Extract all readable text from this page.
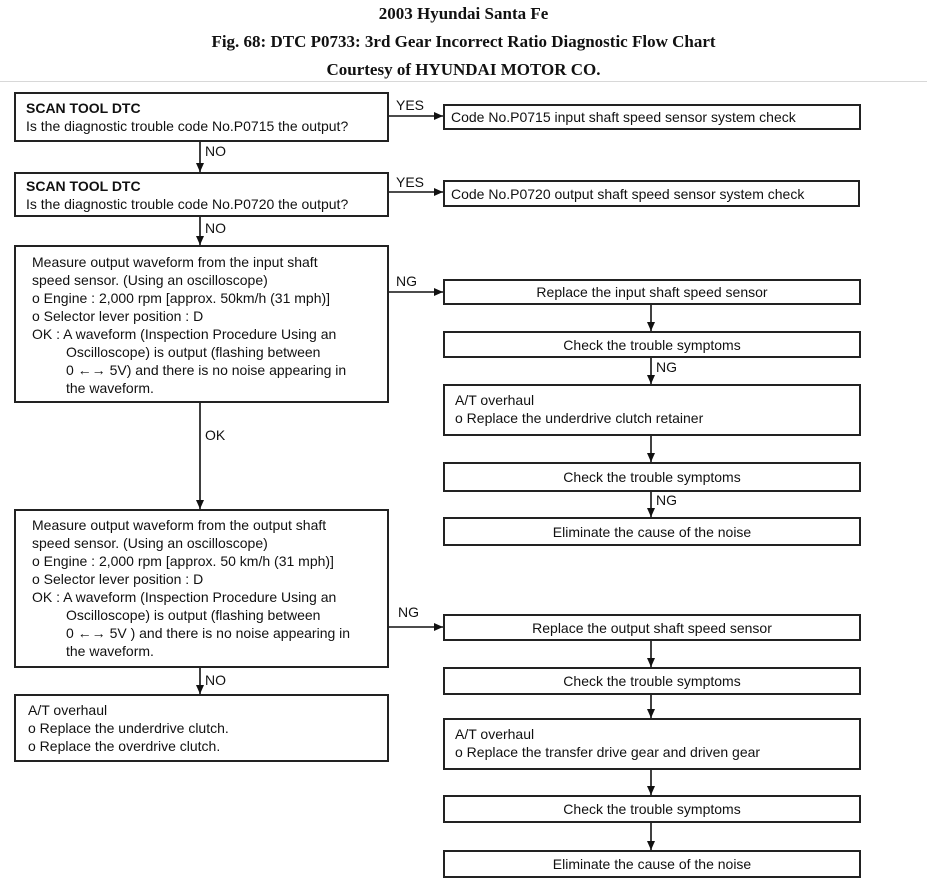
2003 Hyundai Santa Fe
Fig. 68: DTC P0733: 3rd Gear Incorrect Ratio Diagnostic Flow Chart
Courtesy of HYUNDAI MOTOR CO.
SCAN TOOL DTC
Is the diagnostic trouble code No.P0715 the output?
YES
NO
Code No.P0715 input shaft speed sensor system check
SCAN TOOL DTC
Is the diagnostic trouble code No.P0720 the output?
YES
NO
Code No.P0720 output shaft speed sensor system check
Measure output waveform from the input shaft
speed sensor. (Using an oscilloscope)
o Engine : 2,000 rpm [approx. 50km/h (31 mph)]
o Selector lever position : D
OK : A waveform (Inspection Procedure Using an
Oscilloscope) is output (flashing between
0 ←→ 5V) and there is no noise appearing in
the waveform.
NG
OK
Replace the input shaft speed sensor
Check the trouble symptoms
NG
A/T overhaul
o Replace the underdrive clutch retainer
Check the trouble symptoms
NG
Eliminate the cause of the noise
Measure output waveform from the output shaft
speed sensor. (Using an oscilloscope)
o Engine : 2,000 rpm [approx. 50 km/h (31 mph)]
o Selector lever position : D
OK : A waveform (Inspection Procedure Using an
Oscilloscope) is output (flashing between
0 ←→ 5V ) and there is no noise appearing in
the waveform.
NG
NO
Replace the output shaft speed sensor
Check the trouble symptoms
A/T overhaul
o Replace the transfer drive gear and driven gear
Check the trouble symptoms
Eliminate the cause of the noise
A/T overhaul
o Replace the underdrive clutch.
o Replace the overdrive clutch.
